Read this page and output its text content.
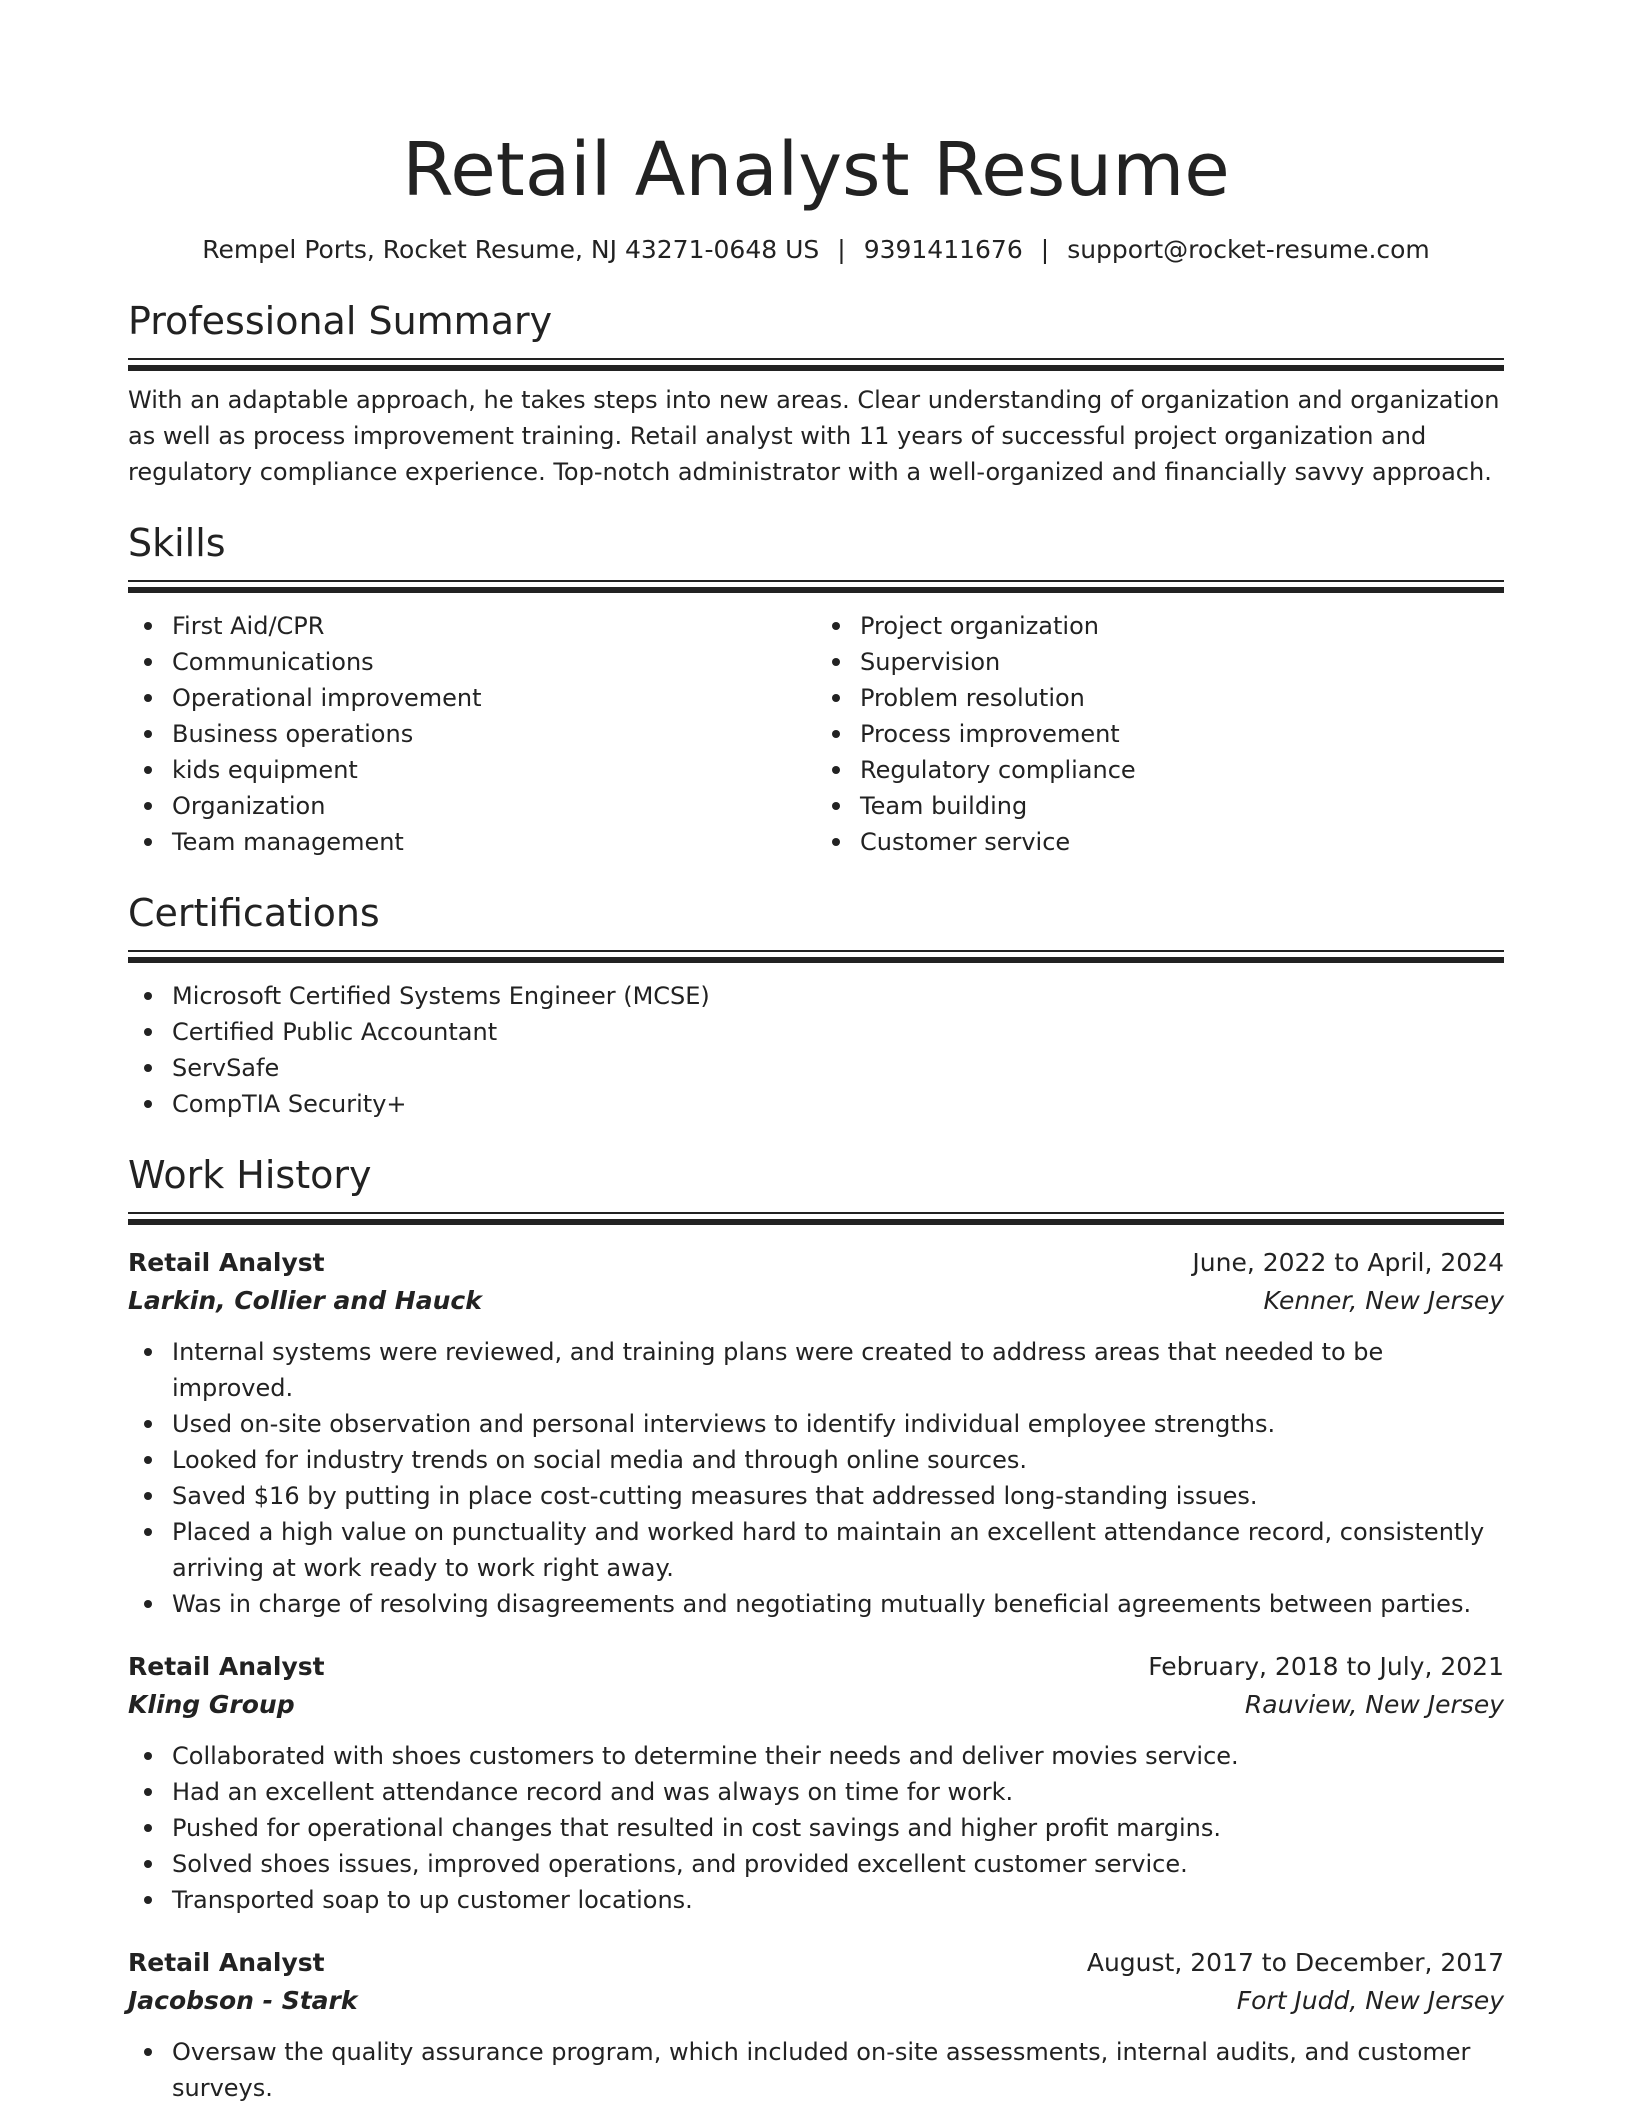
Retail Analyst Resume
Rempel Ports, Rocket Resume, NJ 43271-0648 US | 9391411676 | support@rocket-resume.com
Professional Summary

With an adaptable approach, he takes steps into new areas. Clear understanding of organization and organization as well as process improvement training. Retail analyst with 11 years of successful project organization and regulatory compliance experience. Top-notch administrator with a well-organized and financially savvy approach.

Skills
First Aid/CPR
Communications
Operational improvement
Business operations
kids equipment
Organization
Team management
Project organization
Supervision
Problem resolution
Process improvement
Regulatory compliance
Team building
Customer service
Certifications
Microsoft Certified Systems Engineer (MCSE)
Certified Public Accountant
ServSafe
CompTIA Security+
Work History
Retail Analyst	June, 2022 to April, 2024
Larkin, Collier and Hauck	Kenner, New Jersey
Internal systems were reviewed, and training plans were created to address areas that needed to be improved.
Used on-site observation and personal interviews to identify individual employee strengths.
Looked for industry trends on social media and through online sources.
Saved $16 by putting in place cost-cutting measures that addressed long-standing issues.
Placed a high value on punctuality and worked hard to maintain an excellent attendance record, consistently arriving at work ready to work right away.
Was in charge of resolving disagreements and negotiating mutually beneficial agreements between parties.
Retail Analyst	February, 2018 to July, 2021
Kling Group	Rauview, New Jersey
Collaborated with shoes customers to determine their needs and deliver movies service.
Had an excellent attendance record and was always on time for work.
Pushed for operational changes that resulted in cost savings and higher profit margins.
Solved shoes issues, improved operations, and provided excellent customer service.
Transported soap to up customer locations.
Retail Analyst	August, 2017 to December, 2017
Jacobson - Stark	Fort Judd, New Jersey
Oversaw the quality assurance program, which included on-site assessments, internal audits, and customer surveys.
